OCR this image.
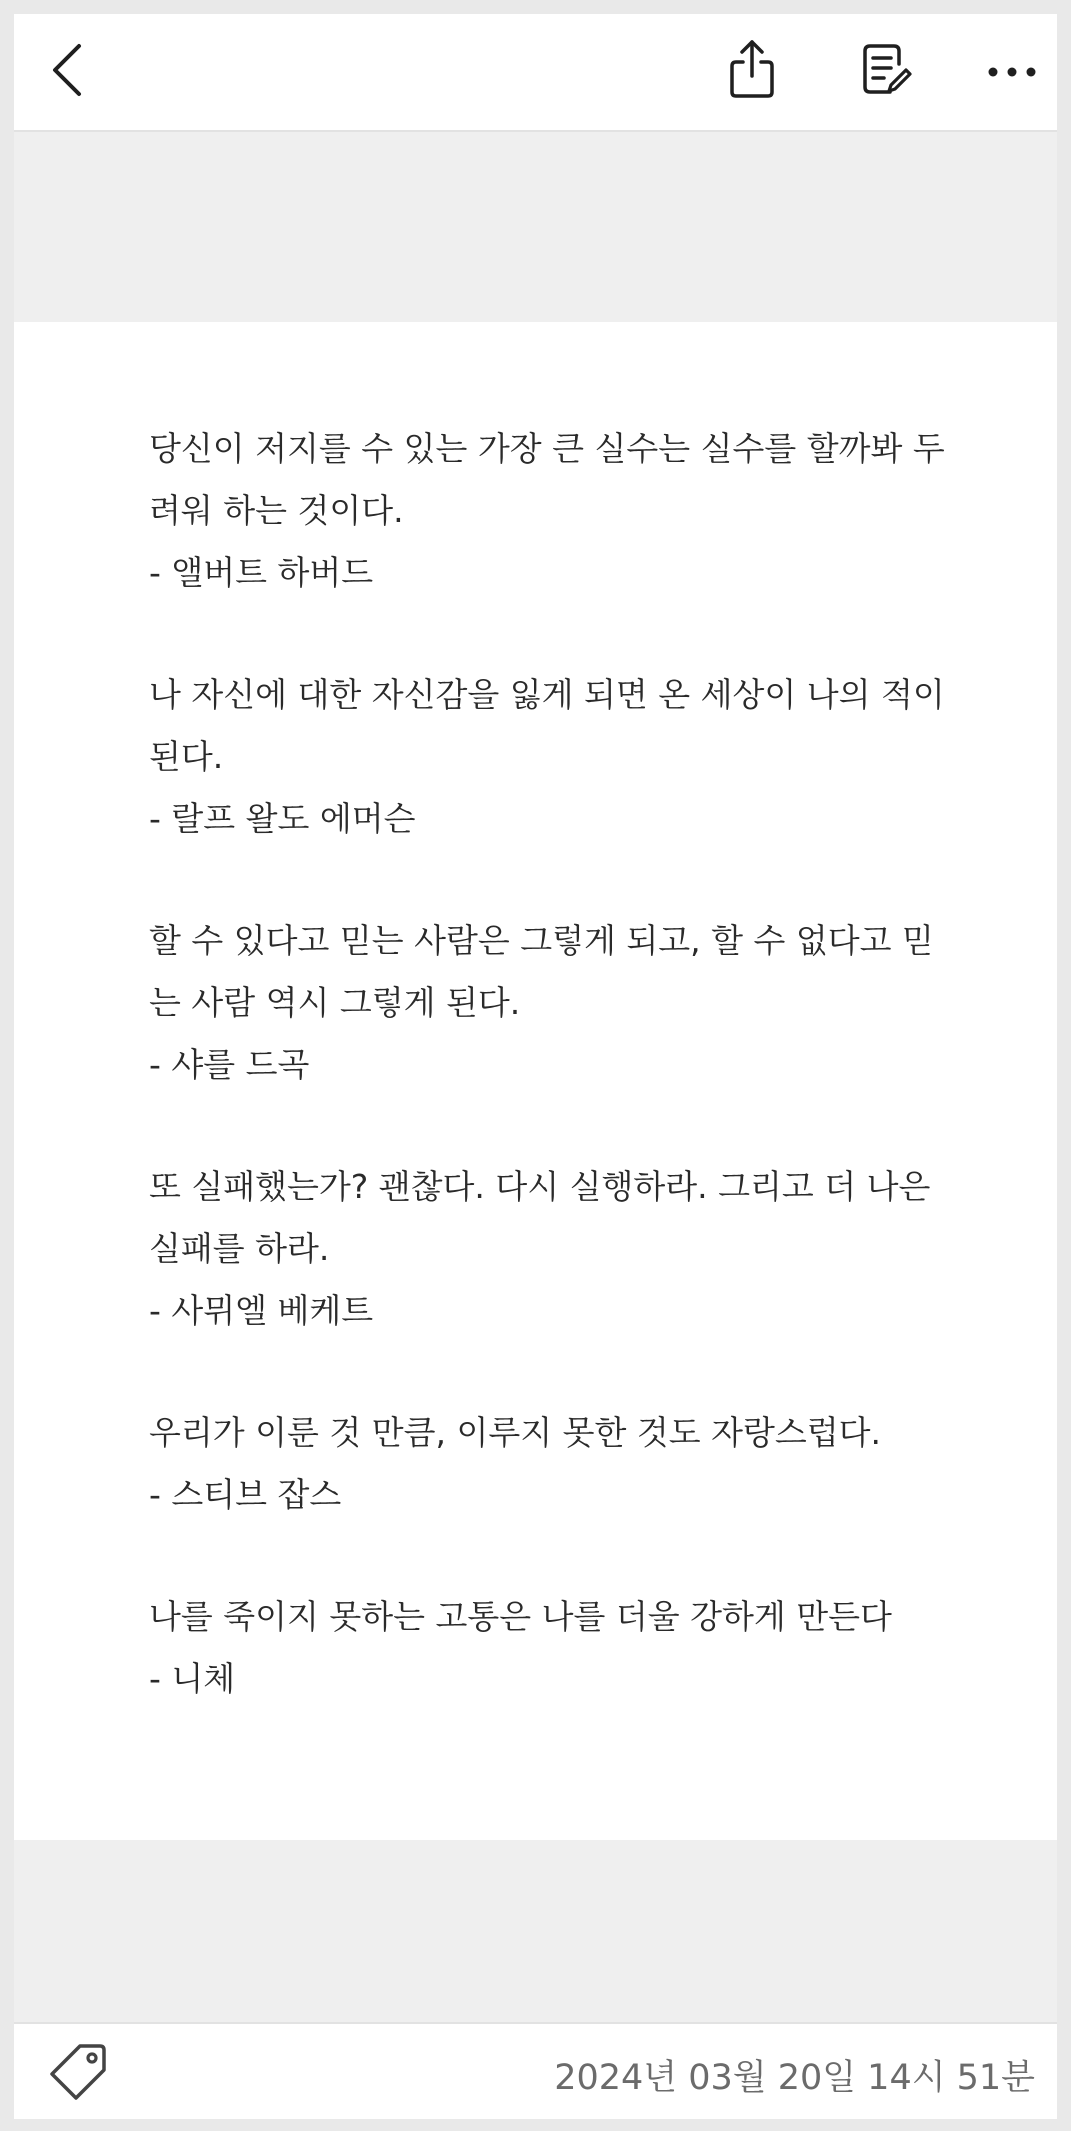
당신이 저지를 수 있는 가장 큰 실수는 실수를 할까봐 두
려워 하는 것이다.
- 앨버트 하버드
나 자신에 대한 자신감을 잃게 되면 온 세상이 나의 적이
된다.
- 랄프 왈도 에머슨
할 수 있다고 믿는 사람은 그렇게 되고, 할 수 없다고 믿
는 사람 역시 그렇게 된다.
- 샤를 드곡
또 실패했는가? 괜찮다. 다시 실행하라. 그리고 더 나은
실패를 하라.
- 사뮈엘 베케트
우리가 이룬 것 만큼, 이루지 못한 것도 자랑스럽다.
- 스티브 잡스
나를 죽이지 못하는 고통은 나를 더울 강하게 만든다
- 니체
2024년 03월 20일 14시 51분
